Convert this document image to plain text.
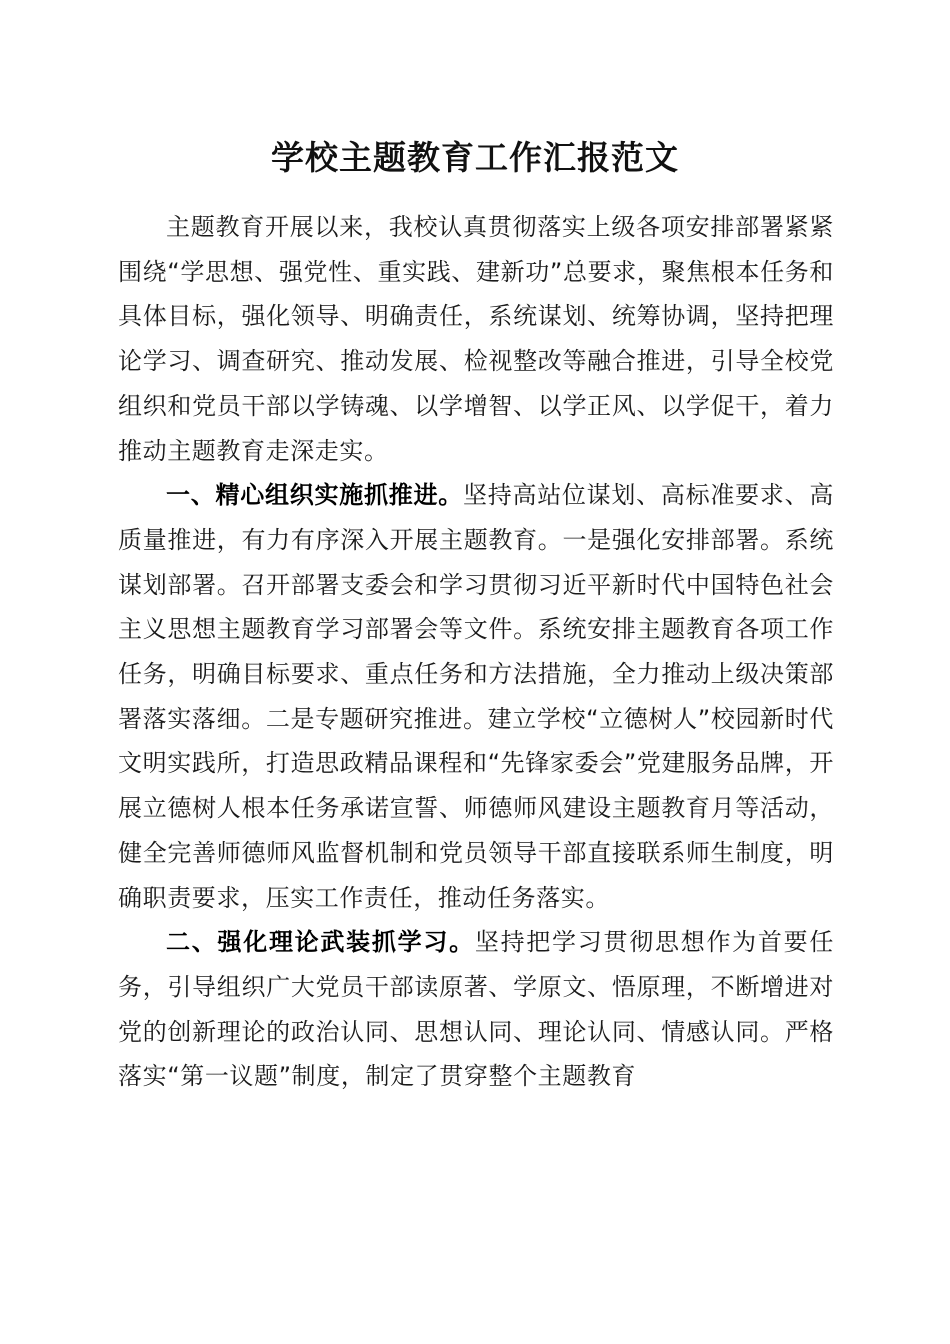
学校主题教育工作汇报范文

主题教育开展以来，我校认真贯彻落实上级各项安排部署紧紧围绕“学思想、强党性、重实践、建新功”总要求，聚焦根本任务和具体目标，强化领导、明确责任，系统谋划、统筹协调，坚持把理论学习、调查研究、推动发展、检视整改等融合推进，引导全校党组织和党员干部以学铸魂、以学增智、以学正风、以学促干，着力推动主题教育走深走实。

一、精心组织实施抓推进。坚持高站位谋划、高标准要求、高质量推进，有力有序深入开展主题教育。一是强化安排部署。系统谋划部署。召开部署支委会和学习贯彻习近平新时代中国特色社会主义思想主题教育学习部署会等文件。系统安排主题教育各项工作任务，明确目标要求、重点任务和方法措施，全力推动上级决策部署落实落细。二是专题研究推进。建立学校“立德树人”校园新时代文明实践所，打造思政精品课程和“先锋家委会”党建服务品牌，开展立德树人根本任务承诺宣誓、师德师风建设主题教育月等活动，健全完善师德师风监督机制和党员领导干部直接联系师生制度，明确职责要求，压实工作责任，推动任务落实。

二、强化理论武装抓学习。坚持把学习贯彻思想作为首要任务，引导组织广大党员干部读原著、学原文、悟原理，不断增进对党的创新理论的政治认同、思想认同、理论认同、情感认同。严格落实“第一议题”制度，制定了贯穿整个主题教育
